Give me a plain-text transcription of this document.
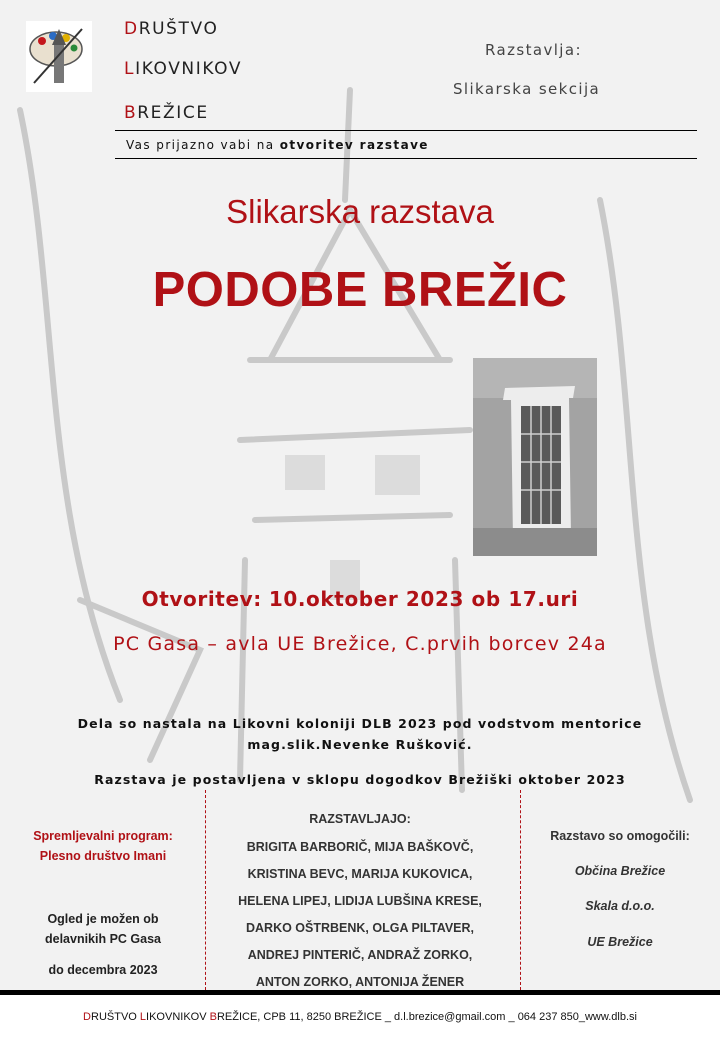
DRUŠTVO
LIKOVNIKOV
BREŽICE
Razstavlja:
Slikarska sekcija
Vas prijazno vabi na otvoritev razstave
Slikarska razstava
PODOBE BREŽIC
Otvoritev: 10.oktober 2023 ob 17.uri
PC Gasa – avla UE Brežice, C.prvih borcev 24a
Dela so nastala na Likovni koloniji DLB 2023 pod vodstvom mentorice
mag.slik.Nevenke Rušković.
Razstava je postavljena v sklopu dogodkov Brežiški oktober 2023
Spremljevalni program:
Plesno društvo Imani
Ogled je možen ob
delavnikih PC Gasa
do decembra 2023
RAZSTAVLJAJO:
BRIGITA BARBORIČ, MIJA BAŠKOVČ,
KRISTINA BEVC, MARIJA KUKOVICA,
HELENA LIPEJ, LIDIJA LUBŠINA KRESE,
DARKO OŠTRBENK, OLGA PILTAVER,
ANDREJ PINTERIČ, ANDRAŽ ZORKO,
ANTON ZORKO, ANTONIJA ŽENER
Razstavo so omogočili:
Občina Brežice
Skala d.o.o.
UE Brežice
DRUŠTVO LIKOVNIKOV BREŽICE, CPB 11, 8250 BREŽICE _ d.l.brezice@gmail.com _ 064 237 850_www.dlb.si
